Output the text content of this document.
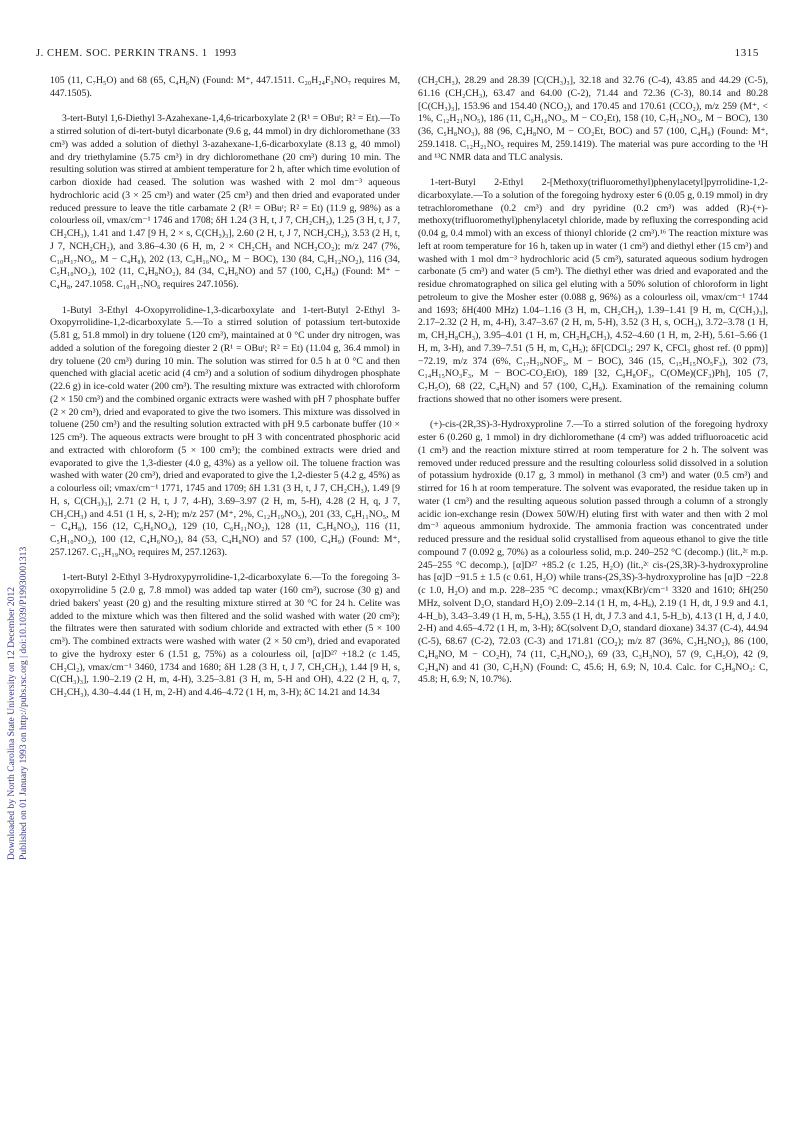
Downloaded by North Carolina State University on 12 December 2012 Published on 01 January 1993 on http://pubs.rsc.org | doi:10.1039/P19930001313
J. CHEM. SOC. PERKIN TRANS. 1 1993	1315

105 (11, C₇H₅O) and 68 (65, C₄H₆N) (Found: M⁺, 447.1511. C₂₀H₂₄F₃NO₇ requires M, 447.1505).

3-tert-Butyl 1,6-Diethyl 3-Azahexane-1,4,6-tricarboxylate 2 (R¹ = OBuᵗ; R² = Et).—To a stirred solution of di-tert-butyl dicarbonate (9.6 g, 44 mmol) in dry dichloromethane (33 cm³) was added a solution of diethyl 3-azahexane-1,6-dicarboxylate (8.13 g, 40 mmol) and dry triethylamine (5.75 cm³) in dry dichloromethane (20 cm³) during 10 min. The resulting solution was stirred at ambient temperature for 2 h, after which time evolution of carbon dioxide had ceased. The solution was washed with 2 mol dm⁻³ aqueous hydrochloric acid (3 × 25 cm³) and water (25 cm³) and then dried and evaporated under reduced pressure to leave the title carbamate 2 (R¹ = OBuᵗ; R² = Et) (11.9 g, 98%) as a colourless oil, νmax/cm⁻¹ 1746 and 1708; δH 1.24 (3 H, t, J 7, CH₂CH₃), 1.25 (3 H, t, J 7, CH₂CH₃), 1.41 and 1.47 [9 H, 2 × s, C(CH₃)₃], 2.60 (2 H, t, J 7, NCH₂CH₂), 3.53 (2 H, t, J 7, NCH₂CH₂), and 3.86–4.30 (6 H, m, 2 × CH₂CH₃ and NCH₂CO₂); m/z 247 (7%, C₁₀H₁₇NO₆, M − C₄H₈), 202 (13, C₉H₁₆NO₄, M − BOC), 130 (84, C₆H₁₂NO₂), 116 (34, C₅H₁₀NO₂), 102 (11, C₄H₈NO₂), 84 (34, C₄H₆NO) and 57 (100, C₄H₉) (Found: M⁺ − C₄H₈, 247.1058. C₁₀H₁₇NO₆ requires 247.1056).

1-Butyl 3-Ethyl 4-Oxopyrrolidine-1,3-dicarboxylate and 1-tert-Butyl 2-Ethyl 3-Oxopyrrolidine-1,2-dicarboxylate 5.—To a stirred solution of potassium tert-butoxide (5.81 g, 51.8 mmol) in dry toluene (120 cm³), maintained at 0 °C under dry nitrogen, was added a solution of the foregoing diester 2 (R¹ = OBuᵗ; R² = Et) (11.04 g, 36.4 mmol) in dry toluene (20 cm³) during 10 min. The solution was stirred for 0.5 h at 0 °C and then quenched with glacial acetic acid (4 cm³) and a solution of sodium dihydrogen phosphate (22.6 g) in ice-cold water (200 cm³). The resulting mixture was extracted with chloroform (2 × 150 cm³) and the combined organic extracts were washed with pH 7 phosphate buffer (2 × 20 cm³), dried and evaporated to give the two isomers. This mixture was dissolved in toluene (250 cm³) and the resulting solution extracted with pH 9.5 carbonate buffer (10 × 125 cm³). The aqueous extracts were brought to pH 3 with concentrated phosphoric acid and extracted with chloroform (5 × 100 cm³); the combined extracts were dried and evaporated to give the 1,3-diester (4.0 g, 43%) as a yellow oil. The toluene fraction was washed with water (20 cm³), dried and evaporated to give the 1,2-diester 5 (4.2 g, 45%) as a colourless oil; νmax/cm⁻¹ 1771, 1745 and 1709; δH 1.31 (3 H, t, J 7, CH₂CH₃), 1.49 [9 H, s, C(CH₃)₃], 2.71 (2 H, t, J 7, 4-H), 3.69–3.97 (2 H, m, 5-H), 4.28 (2 H, q, J 7, CH₂CH₃) and 4.51 (1 H, s, 2-H); m/z 257 (M⁺, 2%, C₁₂H₁₉NO₅), 201 (33, C₈H₁₁NO₅, M − C₄H₈), 156 (12, C₆H₆NO₄), 129 (10, C₆H₁₁NO₂), 128 (11, C₅H₆NO₃), 116 (11, C₅H₁₀NO₂), 100 (12, C₄H₆NO₂), 84 (53, C₄H₆NO) and 57 (100, C₄H₉) (Found: M⁺, 257.1267. C₁₂H₁₉NO₅ requires M, 257.1263).

1-tert-Butyl 2-Ethyl 3-Hydroxypyrrolidine-1,2-dicarboxylate 6.—To the foregoing 3-oxopyrrolidine 5 (2.0 g, 7.8 mmol) was added tap water (160 cm³), sucrose (30 g) and dried bakers' yeast (20 g) and the resulting mixture stirred at 30 °C for 24 h. Celite was added to the mixture which was then filtered and the solid washed with water (20 cm³); the filtrates were then saturated with sodium chloride and extracted with ether (5 × 100 cm³). The combined extracts were washed with water (2 × 50 cm³), dried and evaporated to give the hydroxy ester 6 (1.51 g, 75%) as a colourless oil, [α]D²⁷ +18.2 (c 1.45, CH₂Cl₂), νmax/cm⁻¹ 3460, 1734 and 1680; δH 1.28 (3 H, t, J 7, CH₂CH₃), 1.44 [9 H, s, C(CH₃)₃], 1.90–2.19 (2 H, m, 4-H), 3.25–3.81 (3 H, m, 5-H and OH), 4.22 (2 H, q, 7, CH₂CH₃), 4.30–4.44 (1 H, m, 2-H) and 4.46–4.72 (1 H, m, 3-H); δC 14.21 and 14.34

(CH₂CH₃), 28.29 and 28.39 [C(CH₃)₃], 32.18 and 32.76 (C-4), 43.85 and 44.29 (C-5), 61.16 (CH₂CH₃), 63.47 and 64.00 (C-2), 71.44 and 72.36 (C-3), 80.14 and 80.28 [C(CH₃)₃], 153.96 and 154.40 (NCO₂), and 170.45 and 170.61 (CCO₂), m/z 259 (M⁺, < 1%, C₁₂H₂₁NO₅), 186 (11, C₉H₁₆NO₃, M − CO₂Et), 158 (10, C₇H₁₂NO₃, M − BOC), 130 (36, C₅H₈NO₃), 88 (96, C₄H₈NO, M − CO₂Et, BOC) and 57 (100, C₄H₉) (Found: M⁺, 259.1418. C₁₂H₂₁NO₅ requires M, 259.1419). The material was pure according to the ¹H and ¹³C NMR data and TLC analysis.

1-tert-Butyl 2-Ethyl 2-[Methoxy(trifluoromethyl)phenylacetyl]pyrrolidine-1,2-dicarboxylate.—To a solution of the foregoing hydroxy ester 6 (0.05 g, 0.19 mmol) in dry tetrachloromethane (0.2 cm³) and dry pyridine (0.2 cm³) was added (R)-(+)-methoxy(trifluoromethyl)phenylacetyl chloride, made by refluxing the corresponding acid (0.04 g, 0.4 mmol) with an excess of thionyl chloride (2 cm³).¹⁶ The reaction mixture was left at room temperature for 16 h, taken up in water (1 cm³) and diethyl ether (15 cm³) and washed with 1 mol dm⁻³ hydrochloric acid (5 cm³), saturated aqueous sodium hydrogen carbonate (5 cm³) and water (5 cm³). The diethyl ether was dried and evaporated and the residue chromatographed on silica gel eluting with a 50% solution of chloroform in light petroleum to give the Mosher ester (0.088 g, 96%) as a colourless oil, νmax/cm⁻¹ 1744 and 1693; δH(400 MHz) 1.04–1.16 (3 H, m, CH₂CH₃), 1.39–1.41 [9 H, m, C(CH₃)₃], 2.17–2.32 (2 H, m, 4-H), 3.47–3.67 (2 H, m, 5-H), 3.52 (3 H, s, OCH₃), 3.72–3.78 (1 H, m, CH₂H₈CH₃), 3.95–4.01 (1 H, m, CH₂H₈CH₃), 4.52–4.60 (1 H, m, 2-H), 5.61–5.66 (1 H, m, 3-H), and 7.39–7.51 (5 H, m, C₆H₅); δF[CDCl₃; 297 K, CFCl₃ ghost ref. (0 ppm)] −72.19, m/z 374 (6%, C₁₇H₁₉NOF₃, M − BOC), 346 (15, C₁₅H₁₅NO₅F₃), 302 (73, C₁₄H₁₅NO₃F₃, M − BOC-CO₂EtO), 189 [32, C₉H₈OF₃, C(OMe)(CF₃)Ph], 105 (7, C₇H₅O), 68 (22, C₄H₆N) and 57 (100, C₄H₉). Examination of the remaining column fractions showed that no other isomers were present.

(+)-cis-(2R,3S)-3-Hydroxyproline 7.—To a stirred solution of the foregoing hydroxy ester 6 (0.260 g, 1 mmol) in dry dichloromethane (4 cm³) was added trifluoroacetic acid (1 cm³) and the reaction mixture stirred at room temperature for 2 h. The solvent was removed under reduced pressure and the resulting colourless solid dissolved in a solution of potassium hydroxide (0.17 g, 3 mmol) in methanol (3 cm³) and water (0.5 cm³) and stirred for 16 h at room temperature. The solvent was evaporated, the residue taken up in water (1 cm³) and the resulting aqueous solution passed through a column of a strongly acidic ion-exchange resin (Dowex 50W/H) eluting first with water and then with 2 mol dm⁻³ aqueous ammonium hydroxide. The ammonia fraction was concentrated under reduced pressure and the residual solid crystallised from aqueous ethanol to give the title compound 7 (0.092 g, 70%) as a colourless solid, m.p. 240–252 °C (decomp.) (lit.,²ᶜ m.p. 245–255 °C decomp.), [α]D²⁷ +85.2 (c 1.25, H₂O) (lit.,²ᶜ cis-(2S,3R)-3-hydroxyproline has [α]D −91.5 ± 1.5 (c 0.61, H₂O) while trans-(2S,3S)-3-hydroxyproline has [α]D −22.8 (c 1.0, H₂O) and m.p. 228–235 °C decomp.; νmax(KBr)/cm⁻¹ 3320 and 1610; δH(250 MHz, solvent D₂O, standard H₂O) 2.09–2.14 (1 H, m, 4-Hₐ), 2.19 (1 H, dt, J 9.9 and 4.1, 4-H_b), 3.43–3.49 (1 H, m, 5-Hₐ), 3.55 (1 H, dt, J 7.3 and 4.1, 5-H_b), 4.13 (1 H, d, J 4.0, 2-H) and 4.65–4.72 (1 H, m, 3-H); δC(solvent D₂O, standard dioxane) 34.37 (C-4), 44.94 (C-5), 68.67 (C-2), 72.03 (C-3) and 171.81 (CO₂); m/z 87 (36%, C₃H₅NO₂), 86 (100, C₄H₈NO, M − CO₂H), 74 (11, C₂H₄NO₂), 69 (33, C₃H₃NO), 57 (9, C₃H₅O), 42 (9, C₂H₄N) and 41 (30, C₂H₃N) (Found: C, 45.6; H, 6.9; N, 10.4. Calc. for C₅H₉NO₃: C, 45.8; H, 6.9; N, 10.7%).
